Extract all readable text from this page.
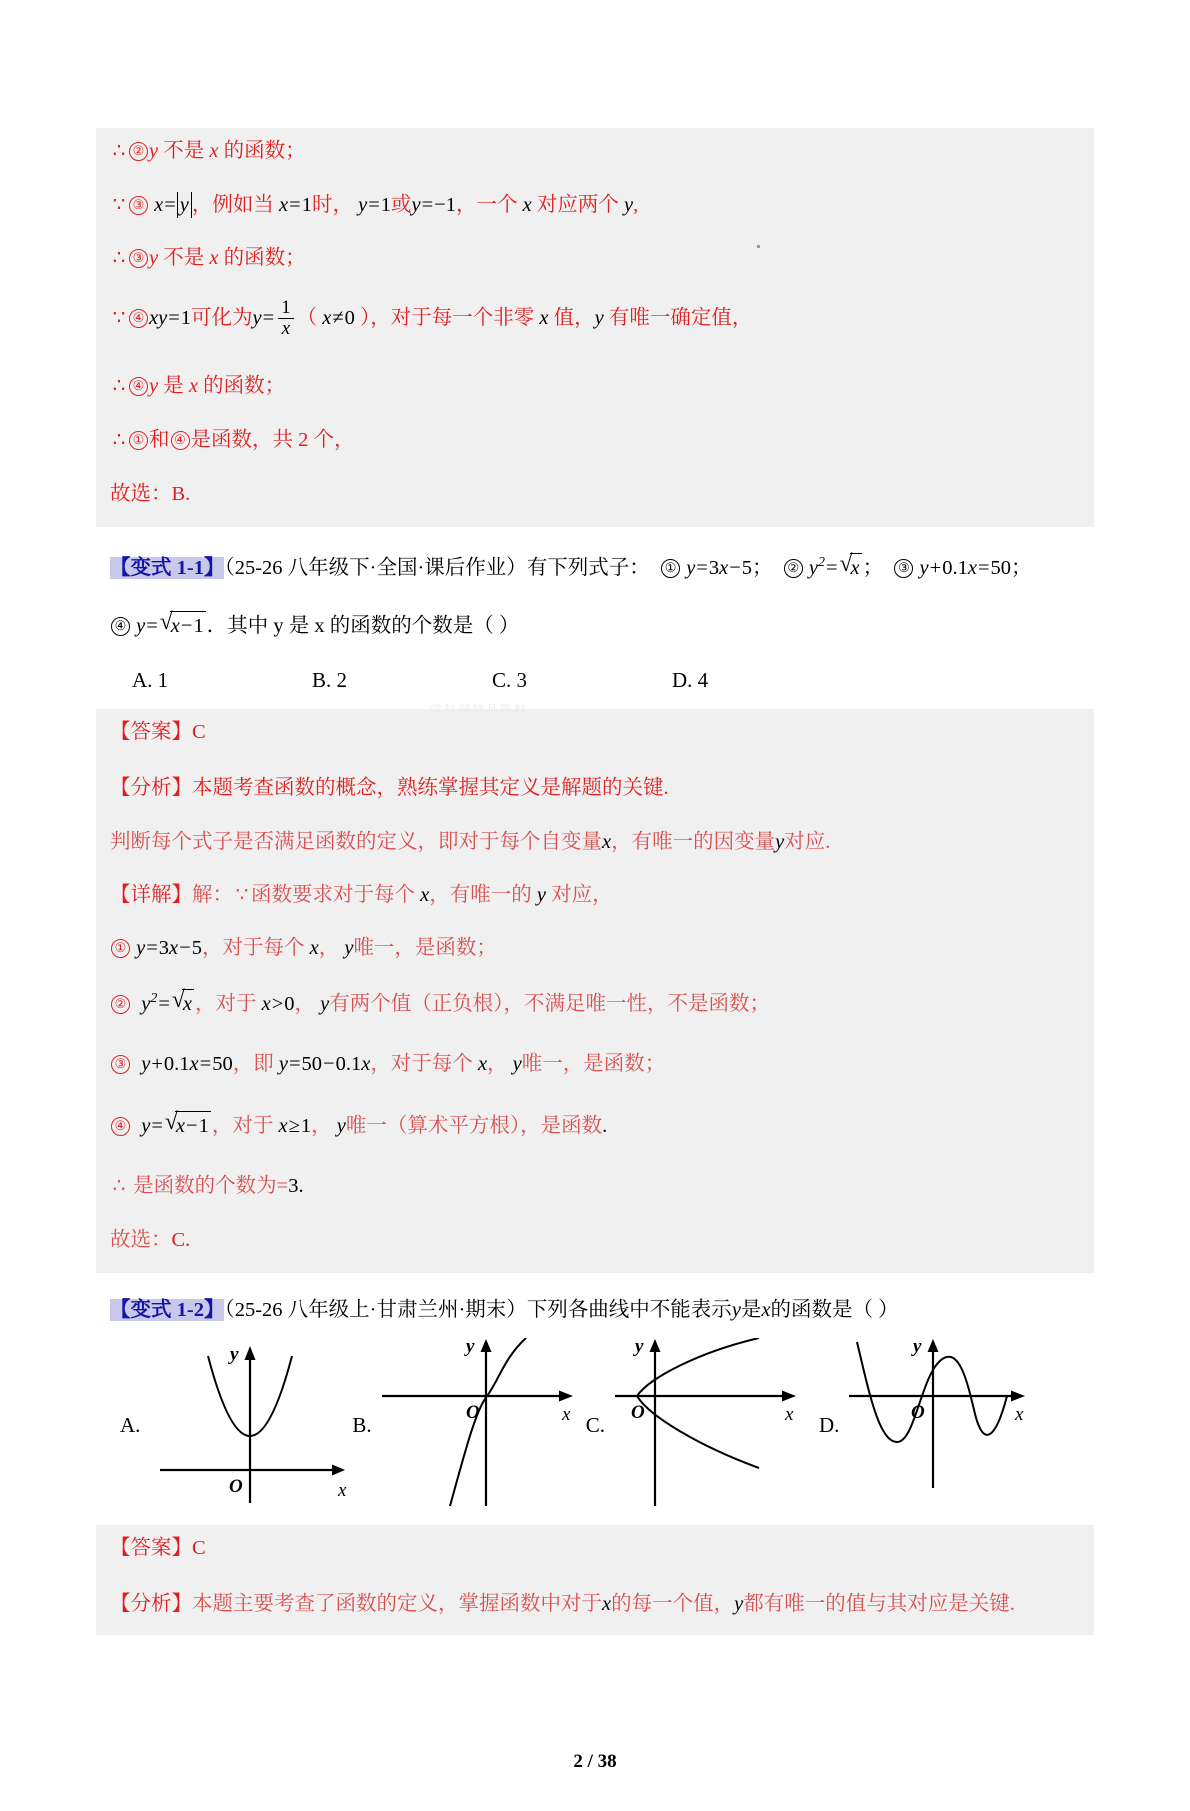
∴ ② y 不是 x 的函数；
∵ ③ x= y ，例如当 x=1时， y=1或y=−1，一个 x 对应两个 y,
∴ ③ y 不是 x 的函数；
∵ ④ xy=1可化为$y= \frac{1}{x}$ （ x≠0 ），对于每一个非零 x 值，y 有唯一确定值，
∴ ④ y 是 x 的函数；
∴ ① 和 ④ 是函数，共 2 个，
故选：B.
【变式 1-1】（25-26 八年级下·全国·课后作业）有下列式子： ① y=3x−5；  ② $y^2=$ √
x ；  ③ y+0.1x=50；
④ y= √
x−1 ．其中 y 是 x 的函数的个数是（ ）
A. 1	B. 2	C. 3	D. 4
学科网精品资料
【答案】C
【分析】本题考查函数的概念，熟练掌握其定义是解题的关键.
判断每个式子是否满足函数的定义，即对于每个自变量x，有唯一的因变量y对应.
【详解】解： ∵ 函数要求对于每个 x，有唯一的 y 对应，
① y=3x−5，对于每个 x， y唯一，是函数；
②  $y^2=$ √
x ，对于 x>0， y有两个值（正负根），不满足唯一性，不是函数；
③  y+0.1x=50，即 y=50−0.1x，对于每个 x， y唯一，是函数；
④  y= √
x−1 ，对于 x≥1， y唯一（算术平方根），是函数.
∴ 是函数的个数为=3.
故选：C.
【变式 1-2】（25-26 八年级上·甘肃兰州·期末）下列各曲线中不能表示y是x的函数是（ ）
A.
y
x
O
B.
y
x
O
C.
y
x
O
D.
y
x
O
【答案】C
【分析】本题主要考查了函数的定义，掌握函数中对于x的每一个值，y都有唯一的值与其对应是关键.
2 / 38
